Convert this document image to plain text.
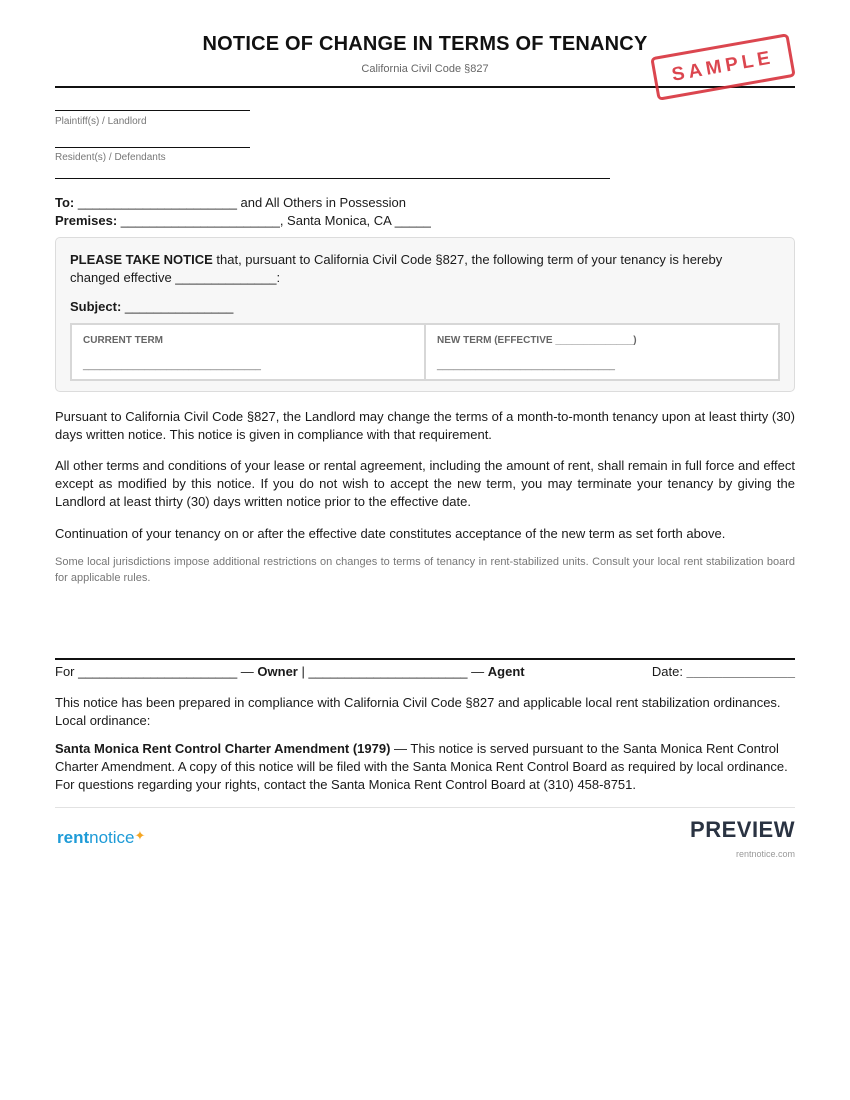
NOTICE OF CHANGE IN TERMS OF TENANCY
California Civil Code §827	SAMPLE
Plaintiff(s) / Landlord
Resident(s) / Defendants
To: ______________________ and All Others in Possession
Premises: ______________________, Santa Monica, CA _____
PLEASE TAKE NOTICE that, pursuant to California Civil Code §827, the following term of your tenancy is hereby changed effective ______________:
Subject: _______________
CURRENT TERM
________________________________
NEW TERM (EFFECTIVE ______________)
________________________________
Pursuant to California Civil Code §827, the Landlord may change the terms of a month-to-month tenancy upon at least thirty (30) days written notice. This notice is given in compliance with that requirement.
All other terms and conditions of your lease or rental agreement, including the amount of rent, shall remain in full force and effect except as modified by this notice. If you do not wish to accept the new term, you may terminate your tenancy by giving the Landlord at least thirty (30) days written notice prior to the effective date.
Continuation of your tenancy on or after the effective date constitutes acceptance of the new term as set forth above.
Some local jurisdictions impose additional restrictions on changes to terms of tenancy in rent-stabilized units. Consult your local rent stabilization board for applicable rules.
For ______________________ — Owner | ______________________ — Agent	Date: _______________
This notice has been prepared in compliance with California Civil Code §827 and applicable local rent stabilization ordinances. Local ordinance:
Santa Monica Rent Control Charter Amendment (1979) — This notice is served pursuant to the Santa Monica Rent Control Charter Amendment. A copy of this notice will be filed with the Santa Monica Rent Control Board as required by local ordinance. For questions regarding your rights, contact the Santa Monica Rent Control Board at (310) 458-8751.
rentnotice✦	PREVIEW
rentnotice.com
